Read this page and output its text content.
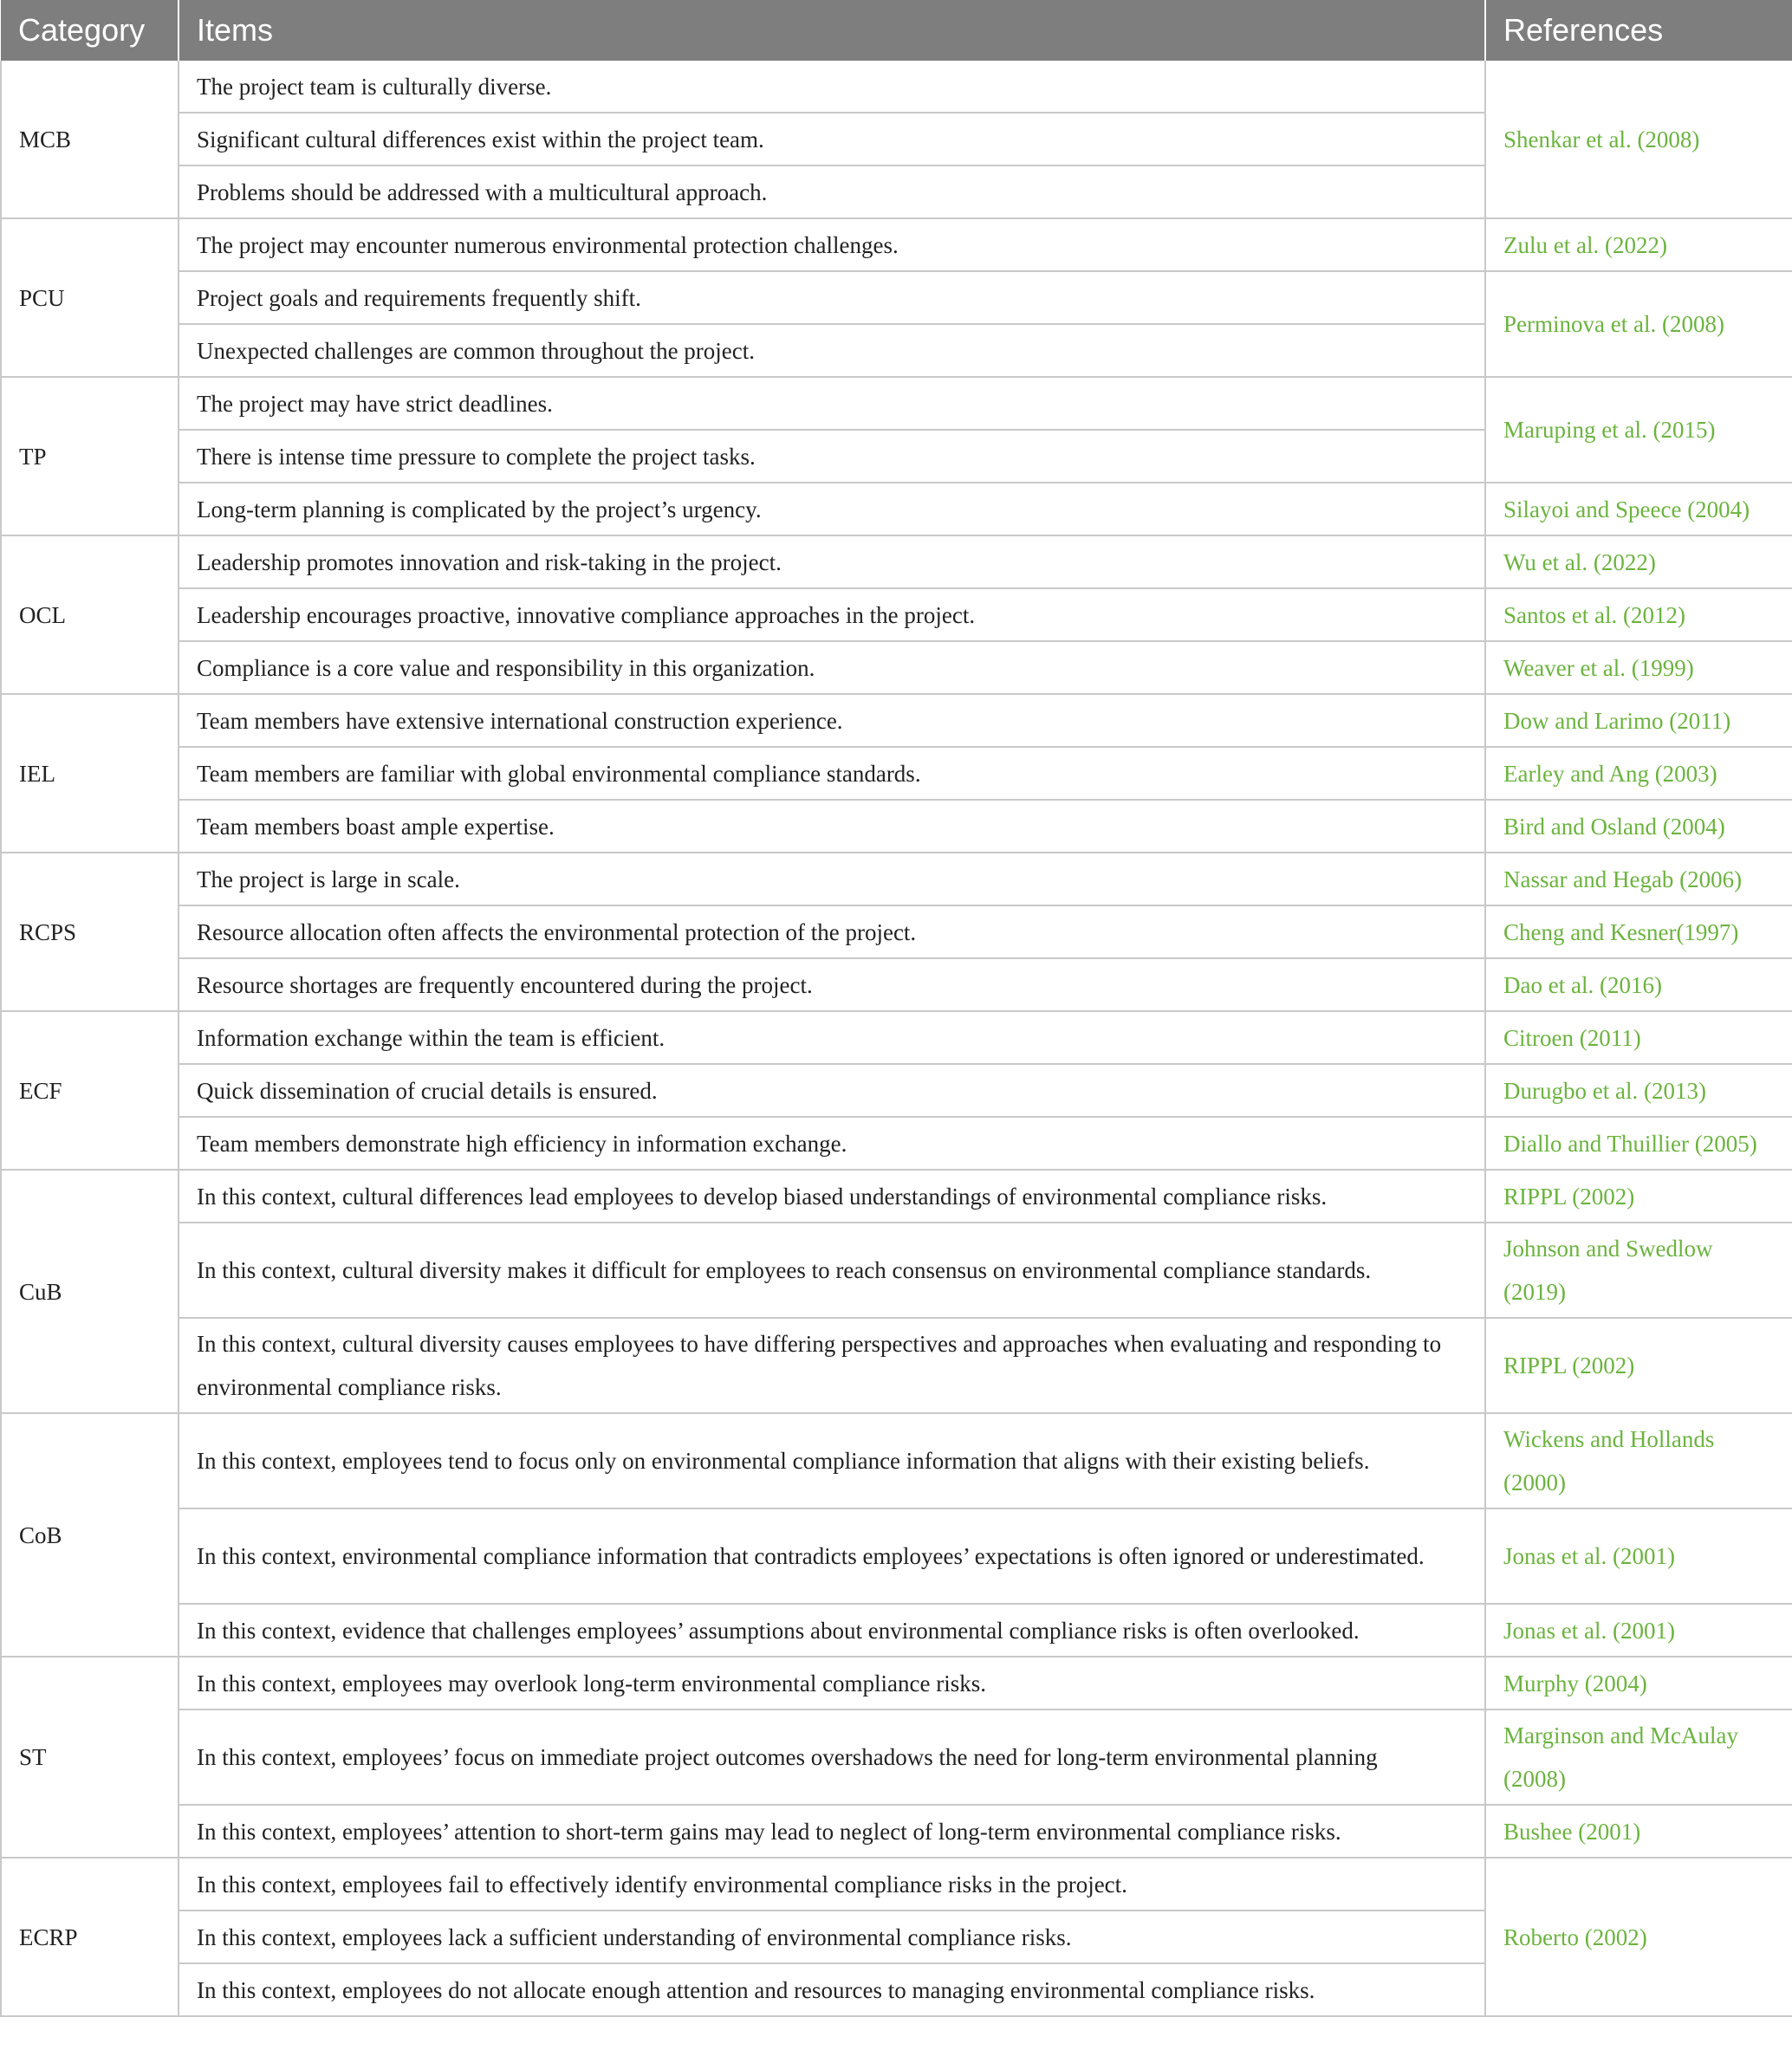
Category	Items	References
MCB	The project team is culturally diverse.	Shenkar et al. (2008)
	Significant cultural differences exist within the project team.	
	Problems should be addressed with a multicultural approach.	
PCU	The project may encounter numerous environmental protection challenges.	Zulu et al. (2022)
	Project goals and requirements frequently shift.	Perminova et al. (2008)
	Unexpected challenges are common throughout the project.	
TP	The project may have strict deadlines.	Maruping et al. (2015)
	There is intense time pressure to complete the project tasks.	
	Long-term planning is complicated by the project’s urgency.	Silayoi and Speece (2004)
OCL	Leadership promotes innovation and risk-taking in the project.	Wu et al. (2022)
	Leadership encourages proactive, innovative compliance approaches in the project.	Santos et al. (2012)
	Compliance is a core value and responsibility in this organization.	Weaver et al. (1999)
IEL	Team members have extensive international construction experience.	Dow and Larimo (2011)
	Team members are familiar with global environmental compliance standards.	Earley and Ang (2003)
	Team members boast ample expertise.	Bird and Osland (2004)
RCPS	The project is large in scale.	Nassar and Hegab (2006)
	Resource allocation often affects the environmental protection of the project.	Cheng and Kesner(1997)
	Resource shortages are frequently encountered during the project.	Dao et al. (2016)
ECF	Information exchange within the team is efficient.	Citroen (2011)
	Quick dissemination of crucial details is ensured.	Durugbo et al. (2013)
	Team members demonstrate high efficiency in information exchange.	Diallo and Thuillier (2005)
CuB	In this context, cultural differences lead employees to develop biased understandings of environmental compliance risks.	RIPPL (2002)
	In this context, cultural diversity makes it difficult for employees to reach consensus on environmental compliance standards.	Johnson and Swedlow (2019)
	In this context, cultural diversity causes employees to have differing perspectives and approaches when evaluating and responding to environmental compliance risks.	RIPPL (2002)
CoB	In this context, employees tend to focus only on environmental compliance information that aligns with their existing beliefs.	Wickens and Hollands (2000)
	In this context, environmental compliance information that contradicts employees’ expectations is often ignored or underestimated.	Jonas et al. (2001)
	In this context, evidence that challenges employees’ assumptions about environmental compliance risks is often overlooked.	Jonas et al. (2001)
ST	In this context, employees may overlook long-term environmental compliance risks.	Murphy (2004)
	In this context, employees’ focus on immediate project outcomes overshadows the need for long-term environmental planning	Marginson and McAulay (2008)
	In this context, employees’ attention to short-term gains may lead to neglect of long-term environmental compliance risks.	Bushee (2001)
ECRP	In this context, employees fail to effectively identify environmental compliance risks in the project.	Roberto (2002)
	In this context, employees lack a sufficient understanding of environmental compliance risks.	
	In this context, employees do not allocate enough attention and resources to managing environmental compliance risks.	
